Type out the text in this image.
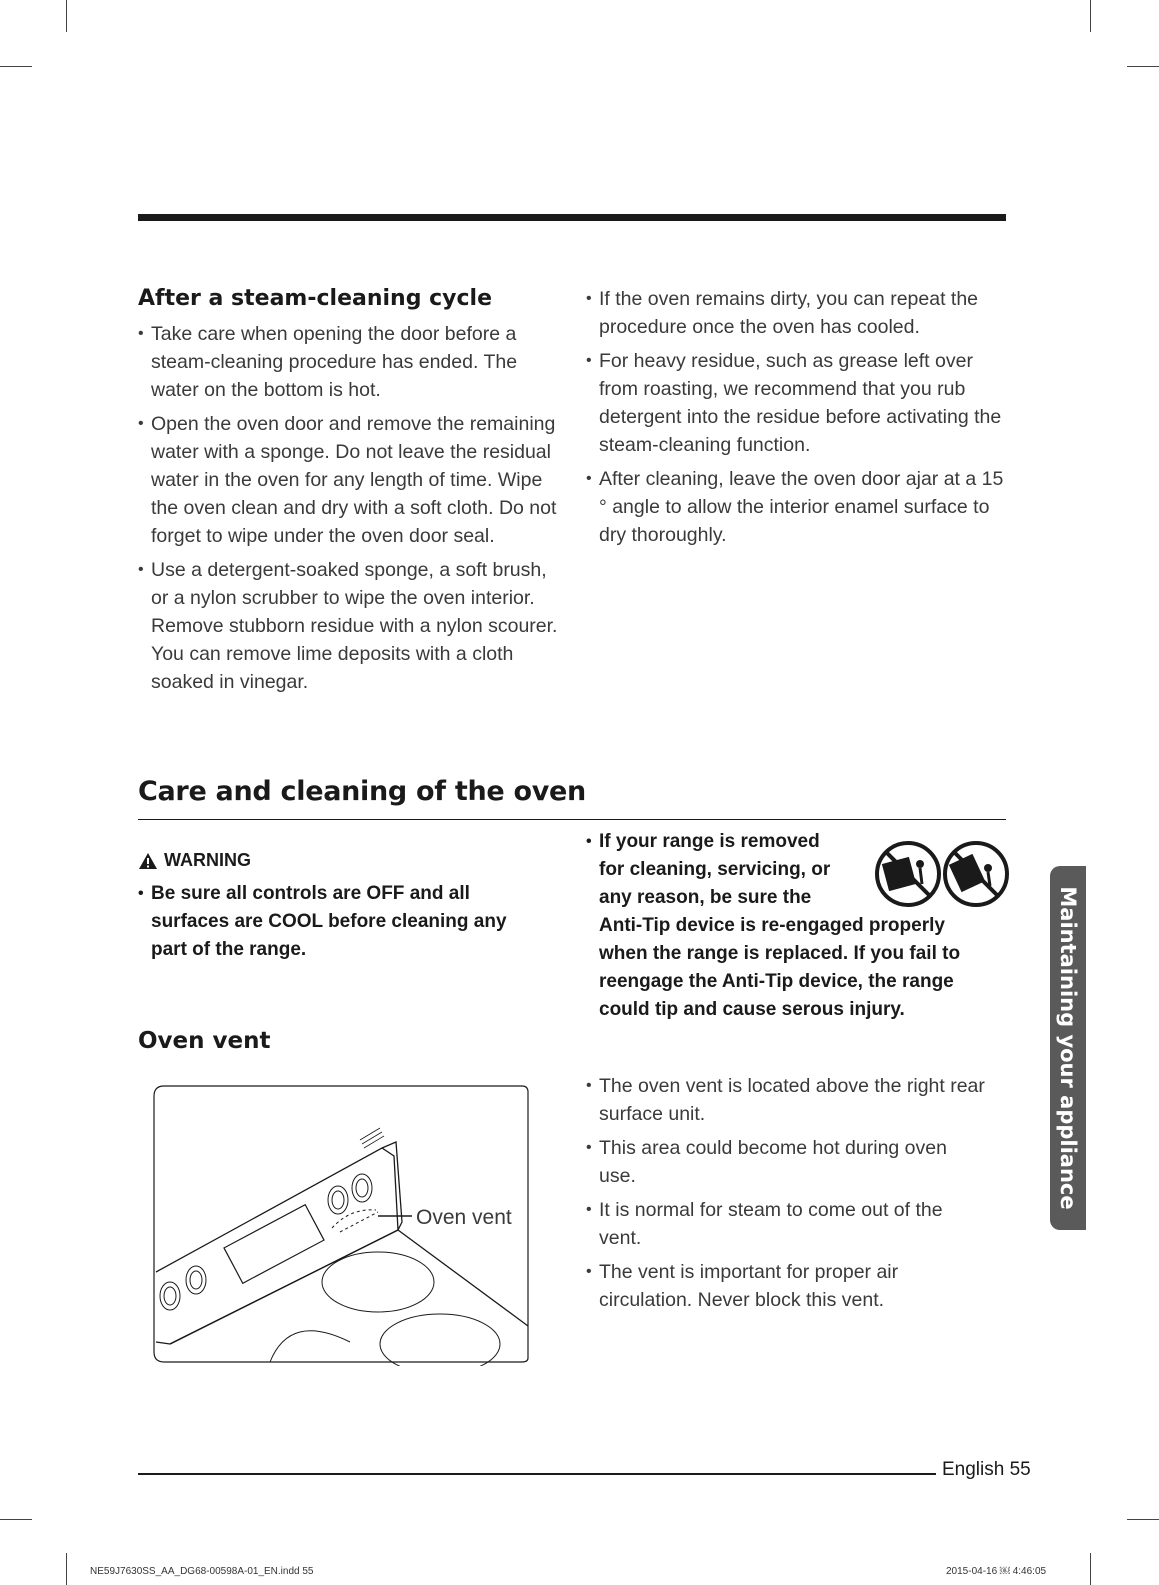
After a steam-cleaning cycle
• Take care when opening the door before a steam-cleaning procedure has ended. The water on the bottom is hot.
• Open the oven door and remove the remaining water with a sponge. Do not leave the residual water in the oven for any length of time. Wipe the oven clean and dry with a soft cloth. Do not forget to wipe under the oven door seal.
• Use a detergent-soaked sponge, a soft brush, or a nylon scrubber to wipe the oven interior. Remove stubborn residue with a nylon scourer. You can remove lime deposits with a cloth soaked in vinegar.
• If the oven remains dirty, you can repeat the procedure once the oven has cooled.
• For heavy residue, such as grease left over from roasting, we recommend that you rub detergent into the residue before activating the steam-cleaning function.
• After cleaning, leave the oven door ajar at a 15 ° angle to allow the interior enamel surface to dry thoroughly.
Care and cleaning of the oven
WARNING
• Be sure all controls are OFF and all surfaces are COOL before cleaning any part of the range.
• If your range is removed for cleaning, servicing, or any reason, be sure the Anti-Tip device is re-engaged properly when the range is replaced. If you fail to reengage the Anti-Tip device, the range could tip and cause serous injury.
Oven vent
Oven vent
• The oven vent is located above the right rear surface unit.
• This area could become hot during oven use.
• It is normal for steam to come out of the vent.
• The vent is important for proper air circulation. Never block this vent.
Maintaining your appliance
English 55
NE59J7630SS_AA_DG68-00598A-01_EN.indd 55	2015-04-16 ￼ 4:46:05
